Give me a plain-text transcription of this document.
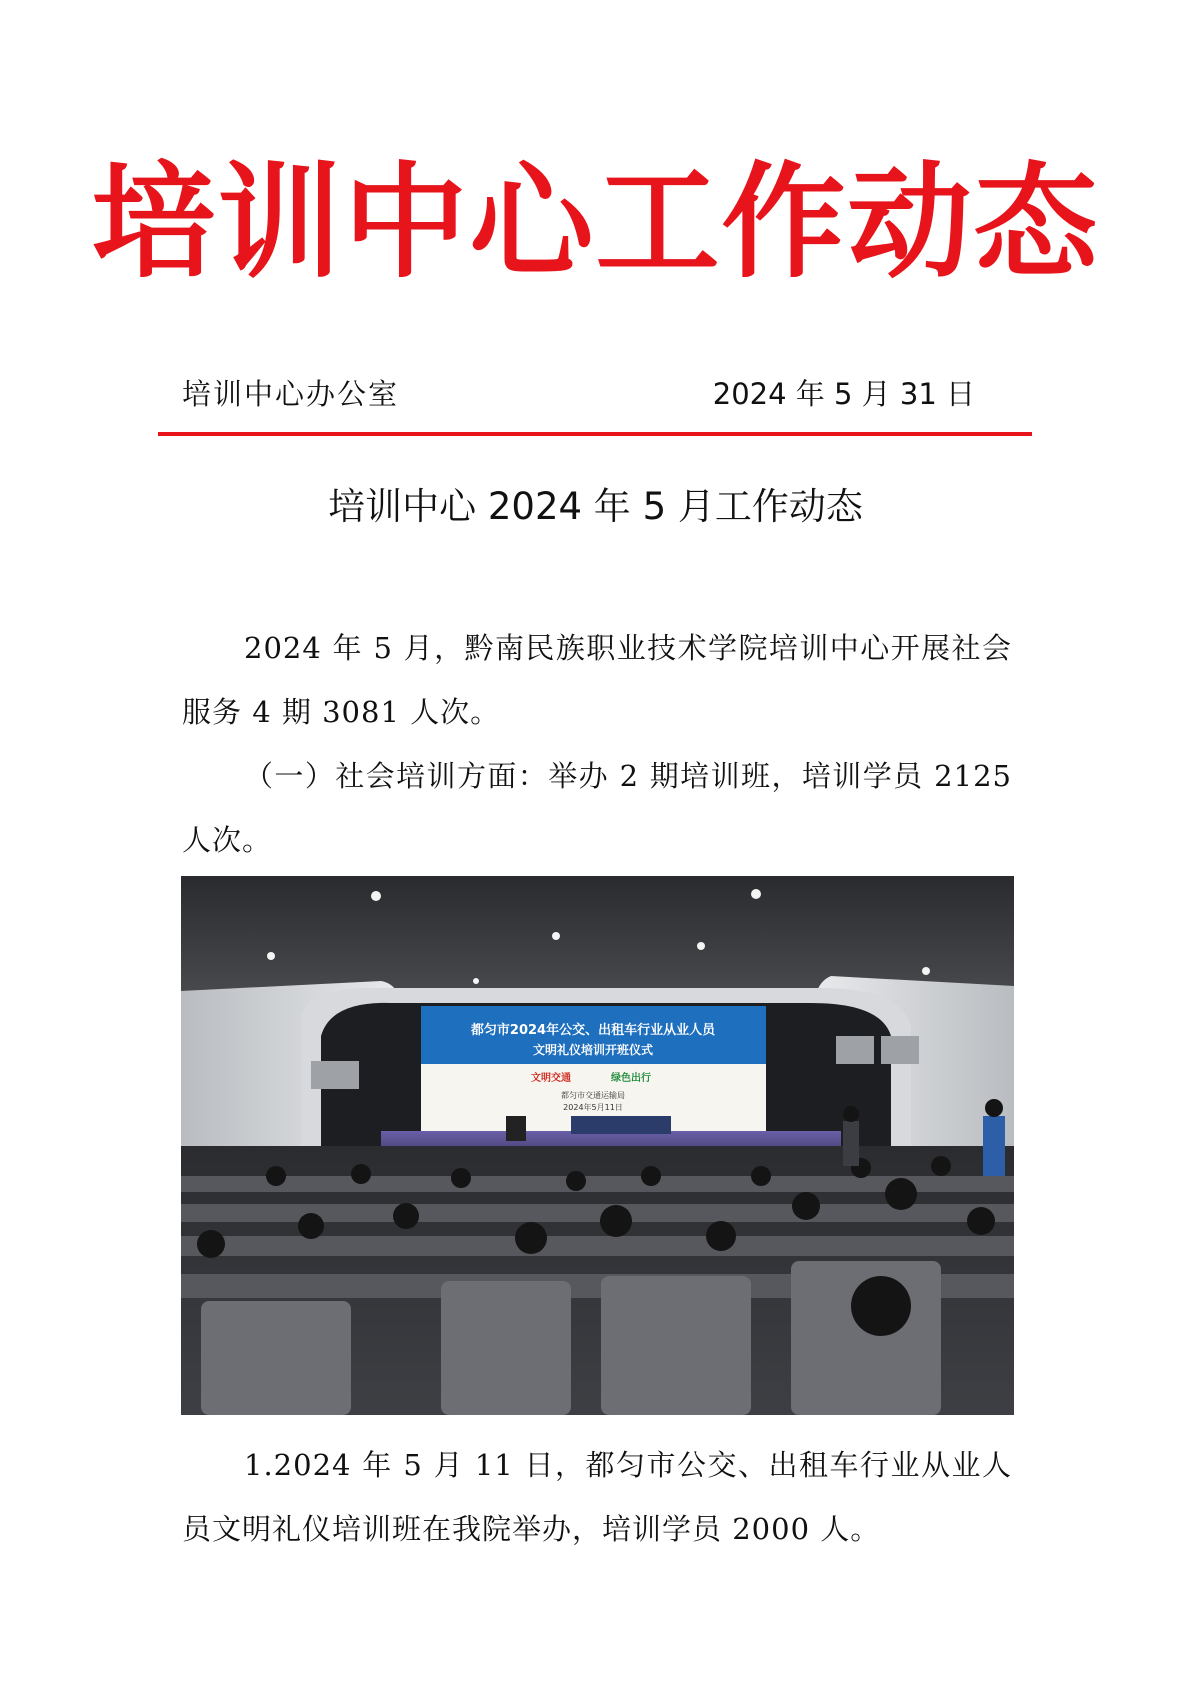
培训中心工作动态
培训中心办公室	2024 年 5 月 31 日
培训中心 2024 年 5 月工作动态
2024 年 5 月，黔南民族职业技术学院培训中心开展社会服务 4 期 3081 人次。
（一）社会培训方面：举办 2 期培训班，培训学员 2125 人次。
都匀市2024年公交、出租车行业从业人员
文明礼仪培训开班仪式
文明交通	绿色出行
都匀市交通运输局
2024年5月11日
1.2024 年 5 月 11 日，都匀市公交、出租车行业从业人员文明礼仪培训班在我院举办，培训学员 2000 人。
